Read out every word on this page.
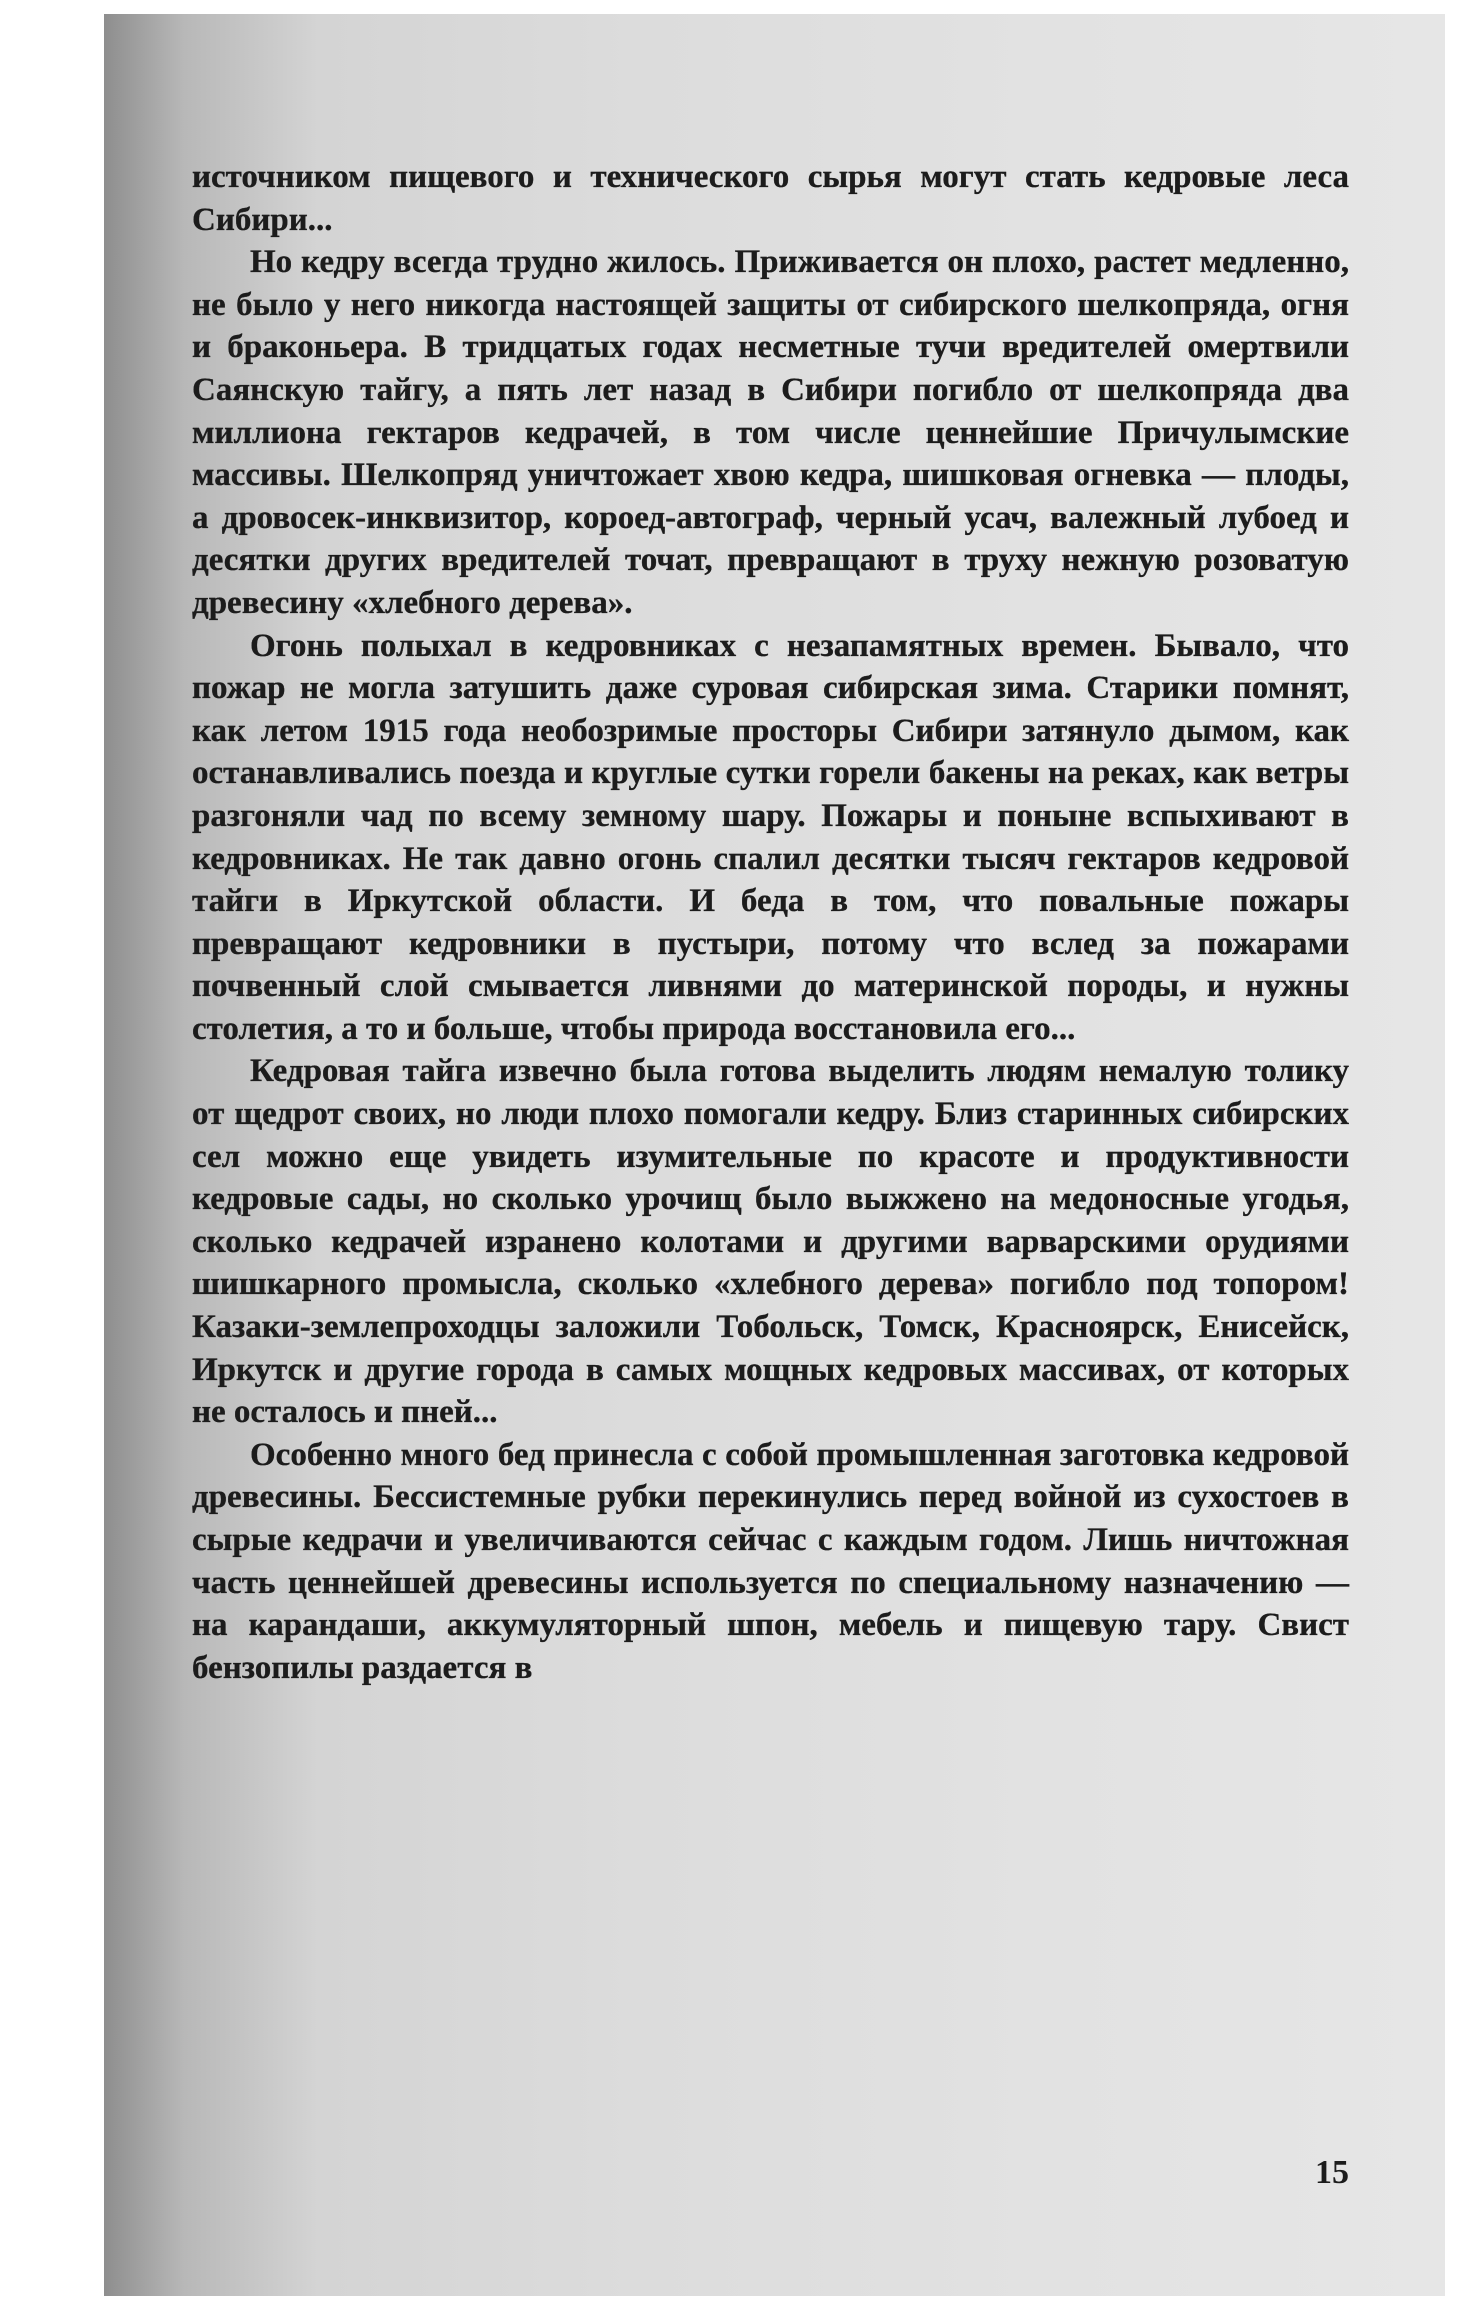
источником пищевого и технического сырья могут стать кедровые леса Сибири...

Но кедру всегда трудно жилось. Приживается он плохо, растет медленно, не было у него никогда настоящей защиты от сибирского шелкопряда, огня и браконьера. В тридцатых годах несметные тучи вредителей омертвили Саянскую тайгу, а пять лет назад в Сибири погибло от шелкопряда два миллиона гектаров кедрачей, в том числе ценнейшие Причулымские массивы. Шелкопряд уничтожает хвою кедра, шишковая огневка — плоды, а дровосек-инквизитор, короед-автограф, черный усач, валежный лубоед и десятки других вредителей точат, превращают в труху нежную розоватую древесину «хлебного дерева».

Огонь полыхал в кедровниках с незапамятных времен. Бывало, что пожар не могла затушить даже суровая сибирская зима. Старики помнят, как летом 1915 года необозримые просторы Сибири затянуло дымом, как останавливались поезда и круглые сутки горели бакены на реках, как ветры разгоняли чад по всему земному шару. Пожары и поныне вспыхивают в кедровниках. Не так давно огонь спалил десятки тысяч гектаров кедровой тайги в Иркутской области. И беда в том, что повальные пожары превращают кедровники в пустыри, потому что вслед за пожарами почвенный слой смывается ливнями до материнской породы, и нужны столетия, а то и больше, чтобы природа восстановила его...

Кедровая тайга извечно была готова выделить людям немалую толику от щедрот своих, но люди плохо помогали кедру. Близ старинных сибирских сел можно еще увидеть изумительные по красоте и продуктивности кедровые сады, но сколько урочищ было выжжено на медоносные угодья, сколько кедрачей изранено колотами и другими варварскими орудиями шишкарного промысла, сколько «хлебного дерева» погибло под топором! Казаки-землепроходцы заложили Тобольск, Томск, Красноярск, Енисейск, Иркутск и другие города в самых мощных кедровых массивах, от которых не осталось и пней...

Особенно много бед принесла с собой промышленная заготовка кедровой древесины. Бессистемные рубки перекинулись перед войной из сухостоев в сырые кедрачи и увеличиваются сейчас с каждым годом. Лишь ничтожная часть ценнейшей древесины используется по специальному назначению — на карандаши, аккумуляторный шпон, мебель и пищевую тару. Свист бензопилы раздается в

15
